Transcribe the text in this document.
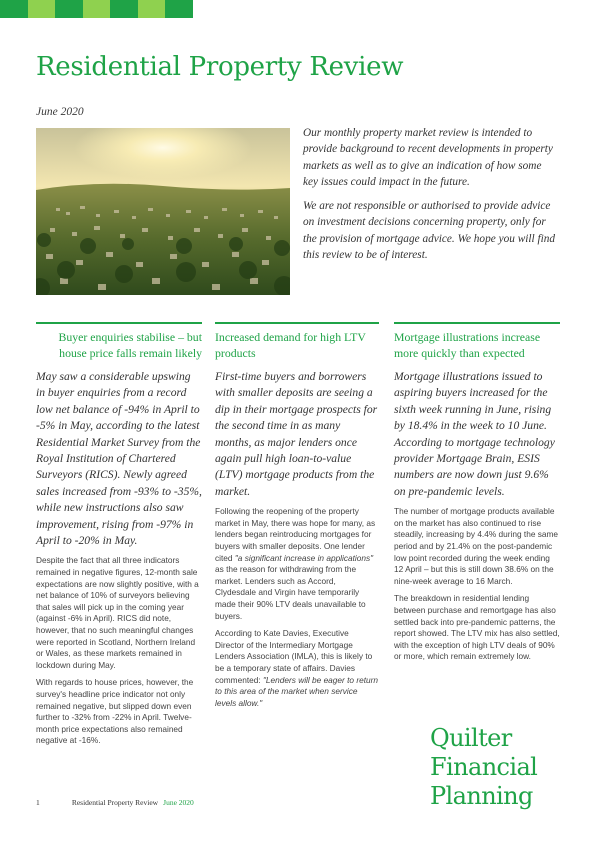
Residential Property Review
June 2020

Our monthly property market review is intended to provide background to recent developments in property markets as well as to give an indication of how some key issues could impact in the future.

We are not responsible or authorised to provide advice on investment decisions concerning property, only for the provision of mortgage advice. We hope you will find this review to be of interest.

Buyer enquiries stabilise – but house price falls remain likely

May saw a considerable upswing in buyer enquiries from a record low net balance of -94% in April to -5% in May, according to the latest Residential Market Survey from the Royal Institution of Chartered Surveyors (RICS). Newly agreed sales increased from -93% to -35%, while new instructions also saw improvement, rising from -97% in April to -20% in May.

Despite the fact that all three indicators remained in negative figures, 12-month sale expectations are now slightly positive, with a net balance of 10% of surveyors believing that sales will pick up in the coming year (against -6% in April). RICS did note, however, that no such meaningful changes were reported in Scotland, Northern Ireland or Wales, as these markets remained in lockdown during May.

With regards to house prices, however, the survey's headline price indicator not only remained negative, but slipped down even further to -32% from -22% in April. Twelve-month price expectations also remained negative at -16%.

Increased demand for high LTV products

First-time buyers and borrowers with smaller deposits are seeing a dip in their mortgage prospects for the second time in as many months, as major lenders once again pull high loan-to-value (LTV) mortgage products from the market.

Following the reopening of the property market in May, there was hope for many, as lenders began reintroducing mortgages for buyers with smaller deposits. One lender cited "a significant increase in applications" as the reason for withdrawing from the market. Lenders such as Accord, Clydesdale and Virgin have temporarily made their 90% LTV deals unavailable to buyers.

According to Kate Davies, Executive Director of the Intermediary Mortgage Lenders Association (IMLA), this is likely to be a temporary state of affairs. Davies commented: "Lenders will be eager to return to this area of the market when service levels allow."

Mortgage illustrations increase more quickly than expected

Mortgage illustrations issued to aspiring buyers increased for the sixth week running in June, rising by 18.4% in the week to 10 June. According to mortgage technology provider Mortgage Brain, ESIS numbers are now down just 9.6% on pre-pandemic levels.

The number of mortgage products available on the market has also continued to rise steadily, increasing by 4.4% during the same period and by 21.4% on the post-pandemic low point recorded during the week ending 12 April – but this is still down 38.6% on the nine-week average to 16 March.

The breakdown in residential lending between purchase and remortgage has also settled back into pre-pandemic patterns, the report showed. The LTV mix has also settled, with the exception of high LTV deals of 90% or more, which remain extremely low.

1	Residential Property Review June 2020
Quilter
Financial
Planning
